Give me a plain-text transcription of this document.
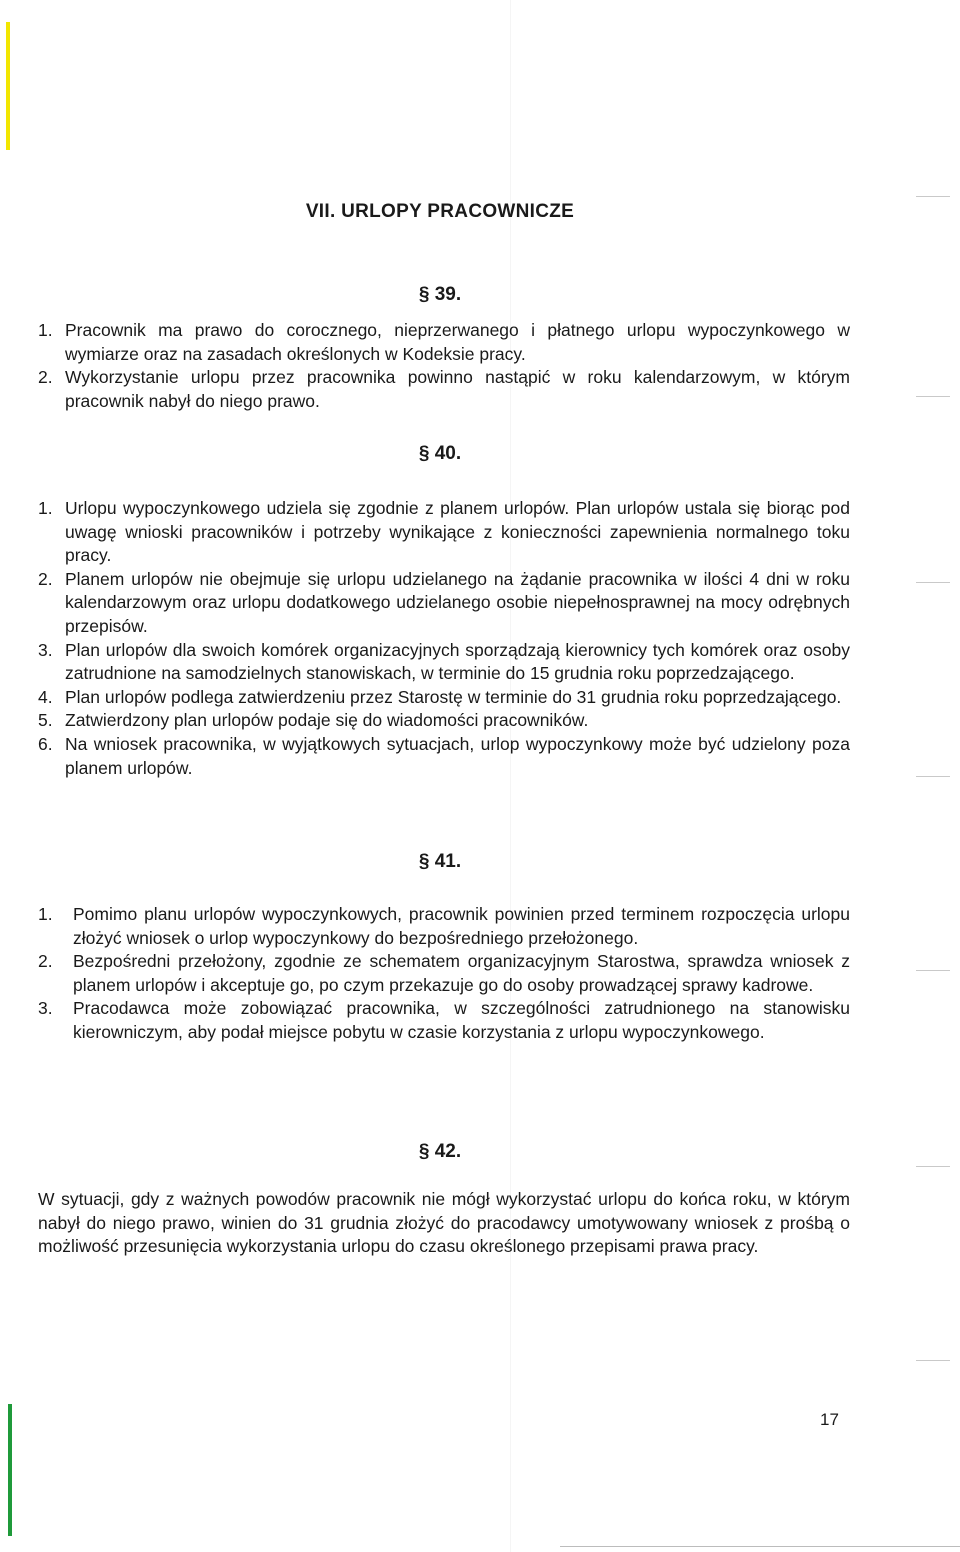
VII. URLOPY PRACOWNICZE
§ 39.
1. Pracownik ma prawo do corocznego, nieprzerwanego i płatnego urlopu wypoczynkowego w wymiarze oraz na zasadach określonych w Kodeksie pracy.
2. Wykorzystanie urlopu przez pracownika powinno nastąpić w roku kalendarzowym, w którym pracownik nabył do niego prawo.
§ 40.
1. Urlopu wypoczynkowego udziela się zgodnie z planem urlopów. Plan urlopów ustala się biorąc pod uwagę wnioski pracowników i potrzeby wynikające z konieczności zapewnienia normalnego toku pracy.
2. Planem urlopów nie obejmuje się urlopu udzielanego na żądanie pracownika w ilości 4 dni w roku kalendarzowym oraz urlopu dodatkowego udzielanego osobie niepełnosprawnej na mocy odrębnych przepisów.
3. Plan urlopów dla swoich komórek organizacyjnych sporządzają kierownicy tych komórek oraz osoby zatrudnione na samodzielnych stanowiskach, w terminie do 15 grudnia roku poprzedzającego.
4. Plan urlopów podlega zatwierdzeniu przez Starostę w terminie do 31 grudnia roku poprzedzającego.
5. Zatwierdzony plan urlopów podaje się do wiadomości pracowników.
6. Na wniosek pracownika, w wyjątkowych sytuacjach, urlop wypoczynkowy może być udzielony poza planem urlopów.
§ 41.
1.	Pomimo planu urlopów wypoczynkowych, pracownik powinien przed terminem rozpoczęcia urlopu złożyć wniosek o urlop wypoczynkowy do bezpośredniego przełożonego.
2.	Bezpośredni przełożony, zgodnie ze schematem organizacyjnym Starostwa, sprawdza wniosek z planem urlopów i akceptuje go, po czym przekazuje go do osoby prowadzącej sprawy kadrowe.
3.	Pracodawca może zobowiązać pracownika, w szczególności zatrudnionego na stanowisku kierowniczym, aby podał miejsce pobytu w czasie korzystania z urlopu wypoczynkowego.
§ 42.

W sytuacji, gdy z ważnych powodów pracownik nie mógł wykorzystać urlopu do końca roku, w którym nabył do niego prawo, winien do 31 grudnia złożyć do pracodawcy umotywowany wniosek z prośbą o możliwość przesunięcia wykorzystania urlopu do czasu określonego przepisami prawa pracy.

17
